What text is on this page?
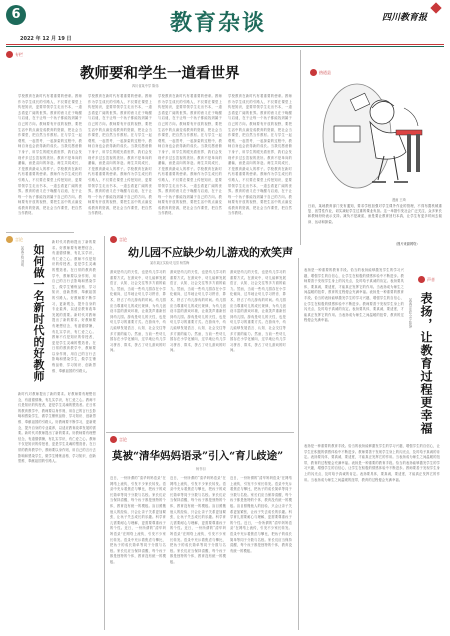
6
2022 年 12 月 19 日
教育杂谈	四川教育报
专栏
教师要和学生一道看世界
四川省某中学 陈伟
学校教育在新时代有着重要的使命。教师作为学生成长的引路人，不仅要在课堂上传授知识，更要带领学生走出书本，一道去看更广阔的世界。教育的意义在于唤醒与启迪，在于让每一个孩子都能找到属于自己的方向。教师要有开放的视野，要把生活中的点滴变成教育的资源，把社会当作课堂，把自然当作教材。在与学生一起观察、一起思考、一起探索的过程中，教师自身也会获得新的成长。当我们愿意俯下身子，用学生的眼光看世界，我们会发现许多过去忽视的美好。教育不是单向的灌输，而是双向的奔赴。师生共同成长，才是教育最动人的样子。学校教育在新时代有着重要的使命。教师作为学生成长的引路人，不仅要在课堂上传授知识，更要带领学生走出书本，一道去看更广阔的世界。教育的意义在于唤醒与启迪，在于让每一个孩子都能找到属于自己的方向。教师要有开放的视野，要把生活中的点滴变成教育的资源，把社会当作课堂，把自然当作教材。
学校教育在新时代有着重要的使命。教师作为学生成长的引路人，不仅要在课堂上传授知识，更要带领学生走出书本，一道去看更广阔的世界。教育的意义在于唤醒与启迪，在于让每一个孩子都能找到属于自己的方向。教师要有开放的视野，要把生活中的点滴变成教育的资源，把社会当作课堂，把自然当作教材。在与学生一起观察、一起思考、一起探索的过程中，教师自身也会获得新的成长。当我们愿意俯下身子，用学生的眼光看世界，我们会发现许多过去忽视的美好。教育不是单向的灌输，而是双向的奔赴。师生共同成长，才是教育最动人的样子。学校教育在新时代有着重要的使命。教师作为学生成长的引路人，不仅要在课堂上传授知识，更要带领学生走出书本，一道去看更广阔的世界。教育的意义在于唤醒与启迪，在于让每一个孩子都能找到属于自己的方向。教师要有开放的视野，要把生活中的点滴变成教育的资源，把社会当作课堂，把自然当作教材。
学校教育在新时代有着重要的使命。教师作为学生成长的引路人，不仅要在课堂上传授知识，更要带领学生走出书本，一道去看更广阔的世界。教育的意义在于唤醒与启迪，在于让每一个孩子都能找到属于自己的方向。教师要有开放的视野，要把生活中的点滴变成教育的资源，把社会当作课堂，把自然当作教材。在与学生一起观察、一起思考、一起探索的过程中，教师自身也会获得新的成长。当我们愿意俯下身子，用学生的眼光看世界，我们会发现许多过去忽视的美好。教育不是单向的灌输，而是双向的奔赴。师生共同成长，才是教育最动人的样子。学校教育在新时代有着重要的使命。教师作为学生成长的引路人，不仅要在课堂上传授知识，更要带领学生走出书本，一道去看更广阔的世界。教育的意义在于唤醒与启迪，在于让每一个孩子都能找到属于自己的方向。教师要有开放的视野，要把生活中的点滴变成教育的资源，把社会当作课堂，把自然当作教材。
学校教育在新时代有着重要的使命。教师作为学生成长的引路人，不仅要在课堂上传授知识，更要带领学生走出书本，一道去看更广阔的世界。教育的意义在于唤醒与启迪，在于让每一个孩子都能找到属于自己的方向。教师要有开放的视野，要把生活中的点滴变成教育的资源，把社会当作课堂，把自然当作教材。在与学生一起观察、一起思考、一起探索的过程中，教师自身也会获得新的成长。当我们愿意俯下身子，用学生的眼光看世界，我们会发现许多过去忽视的美好。教育不是单向的灌输，而是双向的奔赴。师生共同成长，才是教育最动人的样子。学校教育在新时代有着重要的使命。教师作为学生成长的引路人，不仅要在课堂上传授知识，更要带领学生走出书本，一道去看更广阔的世界。教育的意义在于唤醒与启迪，在于让每一个孩子都能找到属于自己的方向。教师要有开放的视野，要把生活中的点滴变成教育的资源，把社会当作课堂，把自然当作教材。
热道县
漫画 王琦
日前，某地教育部门发布通知，要求学校加强对学生课外作业的管理，不得布置机械重复、惩罚性作业，切实减轻学生过重的课业负担。这一举措引发社会广泛关注，众多家长和教师纷纷表示支持。减负不是减质，而是要让教育回归本真，让学生有更多时间去阅读、运动和探索。
（图片来源网络）
言论
如何做一名新时代的好教师
某某学校 刘明
新时代对教师提出了新的要求。好教师要有理想信念，有道德情操，有扎实学识，有仁爱之心。教师不仅是知识的传授者，更是学生灵魂的塑造者。在日常的教育教学中，教师要以身作则，用自己的言行去影响和感染学生，做学生锤炼品格、学习知识、创新思维、奉献祖国的引路人。好教师要不断学习，更新观念，提升自身的专业素养，以适应教育改革发展的需要。新时代对教师提出了新的要求。好教师要有理想信念，有道德情操，有扎实学识，有仁爱之心。教师不仅是知识的传授者，更是学生灵魂的塑造者。在日常的教育教学中，教师要以身作则，用自己的言行去影响和感染学生，做学生锤炼品格、学习知识、创新思维、奉献祖国的引路人。
新时代对教师提出了新的要求。好教师要有理想信念，有道德情操，有扎实学识，有仁爱之心。教师不仅是知识的传授者，更是学生灵魂的塑造者。在日常的教育教学中，教师要以身作则，用自己的言行去影响和感染学生，做学生锤炼品格、学习知识、创新思维、奉献祖国的引路人。好教师要不断学习，更新观念，提升自身的专业素养，以适应教育改革发展的需要。新时代对教师提出了新的要求。好教师要有理想信念，有道德情操，有扎实学识，有仁爱之心。教师不仅是知识的传授者，更是学生灵魂的塑造者。在日常的教育教学中，教师要以身作则，用自己的言行去影响和感染学生，做学生锤炼品格、学习知识、创新思维、奉献祖国的引路人。
言论
幼儿园不应缺少幼儿游戏的欢笑声
某市某区实验幼儿园 杨雪梅
游戏是幼儿的天性，也是幼儿学习的重要方式。在游戏中，幼儿能够发展语言、认知、社会交往等多方面的能力。然而，当前一些幼儿园存在小学化倾向，过早地让幼儿学习拼音、算术，挤占了幼儿游戏的时间。幼儿园应当尊重幼儿的成长规律，为幼儿创设丰富的游戏环境，让欢笑声重新回到幼儿园。游戏是幼儿的天性，也是幼儿学习的重要方式。在游戏中，幼儿能够发展语言、认知、社会交往等多方面的能力。然而，当前一些幼儿园存在小学化倾向，过早地让幼儿学习拼音、算术，挤占了幼儿游戏的时间。
游戏是幼儿的天性，也是幼儿学习的重要方式。在游戏中，幼儿能够发展语言、认知、社会交往等多方面的能力。然而，当前一些幼儿园存在小学化倾向，过早地让幼儿学习拼音、算术，挤占了幼儿游戏的时间。幼儿园应当尊重幼儿的成长规律，为幼儿创设丰富的游戏环境，让欢笑声重新回到幼儿园。游戏是幼儿的天性，也是幼儿学习的重要方式。在游戏中，幼儿能够发展语言、认知、社会交往等多方面的能力。然而，当前一些幼儿园存在小学化倾向，过早地让幼儿学习拼音、算术，挤占了幼儿游戏的时间。
游戏是幼儿的天性，也是幼儿学习的重要方式。在游戏中，幼儿能够发展语言、认知、社会交往等多方面的能力。然而，当前一些幼儿园存在小学化倾向，过早地让幼儿学习拼音、算术，挤占了幼儿游戏的时间。幼儿园应当尊重幼儿的成长规律，为幼儿创设丰富的游戏环境，让欢笑声重新回到幼儿园。游戏是幼儿的天性，也是幼儿学习的重要方式。在游戏中，幼儿能够发展语言、认知、社会交往等多方面的能力。然而，当前一些幼儿园存在小学化倾向，过早地让幼儿学习拼音、算术，挤占了幼儿游戏的时间。
言论
莫被“清华妈妈语录”引入“育儿歧途”
杨书羽
近日，一份所谓的“清华妈妈语录”在网络上流传，引发不少家长转发。语录中充斥着焦虑与攀比，把孩子的成长简单等同于分数与名校。家长们应当保持清醒，每个孩子都是独特的个体，教育没有统一的模板。盲目照搬他人的经验，只会让亲子关系更加紧张，让孩子失去成长的乐趣。科学育儿需要耐心与理解，更需要尊重孩子的个性。近日，一份所谓的“清华妈妈语录”在网络上流传，引发不少家长转发。语录中充斥着焦虑与攀比，把孩子的成长简单等同于分数与名校。家长们应当保持清醒，每个孩子都是独特的个体，教育没有统一的模板。
近日，一份所谓的“清华妈妈语录”在网络上流传，引发不少家长转发。语录中充斥着焦虑与攀比，把孩子的成长简单等同于分数与名校。家长们应当保持清醒，每个孩子都是独特的个体，教育没有统一的模板。盲目照搬他人的经验，只会让亲子关系更加紧张，让孩子失去成长的乐趣。科学育儿需要耐心与理解，更需要尊重孩子的个性。近日，一份所谓的“清华妈妈语录”在网络上流传，引发不少家长转发。语录中充斥着焦虑与攀比，把孩子的成长简单等同于分数与名校。家长们应当保持清醒，每个孩子都是独特的个体，教育没有统一的模板。
近日，一份所谓的“清华妈妈语录”在网络上流传，引发不少家长转发。语录中充斥着焦虑与攀比，把孩子的成长简单等同于分数与名校。家长们应当保持清醒，每个孩子都是独特的个体，教育没有统一的模板。盲目照搬他人的经验，只会让亲子关系更加紧张，让孩子失去成长的乐趣。科学育儿需要耐心与理解，更需要尊重孩子的个性。近日，一份所谓的“清华妈妈语录”在网络上流传，引发不少家长转发。语录中充斥着焦虑与攀比，把孩子的成长简单等同于分数与名校。家长们应当保持清醒，每个孩子都是独特的个体，教育没有统一的模板。
声音
表扬，让教育过程更幸福
某某县实验小学 陈静
表扬是一种重要的教育手段。恰当的表扬能够激发学生的学习兴趣，增强学生的自信心，让学生在积极的情感体验中不断进步。教师要善于发现学生身上的闪光点，及时给予真诚的肯定。表扬要具体，要真诚，要适度，才能真正发挥它的作用。当表扬成为师生之间温暖的纽带，教育的过程便会充满幸福。表扬是一种重要的教育手段。恰当的表扬能够激发学生的学习兴趣，增强学生的自信心，让学生在积极的情感体验中不断进步。教师要善于发现学生身上的闪光点，及时给予真诚的肯定。表扬要具体，要真诚，要适度，才能真正发挥它的作用。当表扬成为师生之间温暖的纽带，教育的过程便会充满幸福。
表扬是一种重要的教育手段。恰当的表扬能够激发学生的学习兴趣，增强学生的自信心，让学生在积极的情感体验中不断进步。教师要善于发现学生身上的闪光点，及时给予真诚的肯定。表扬要具体，要真诚，要适度，才能真正发挥它的作用。当表扬成为师生之间温暖的纽带，教育的过程便会充满幸福。表扬是一种重要的教育手段。恰当的表扬能够激发学生的学习兴趣，增强学生的自信心，让学生在积极的情感体验中不断进步。教师要善于发现学生身上的闪光点，及时给予真诚的肯定。表扬要具体，要真诚，要适度，才能真正发挥它的作用。当表扬成为师生之间温暖的纽带，教育的过程便会充满幸福。
